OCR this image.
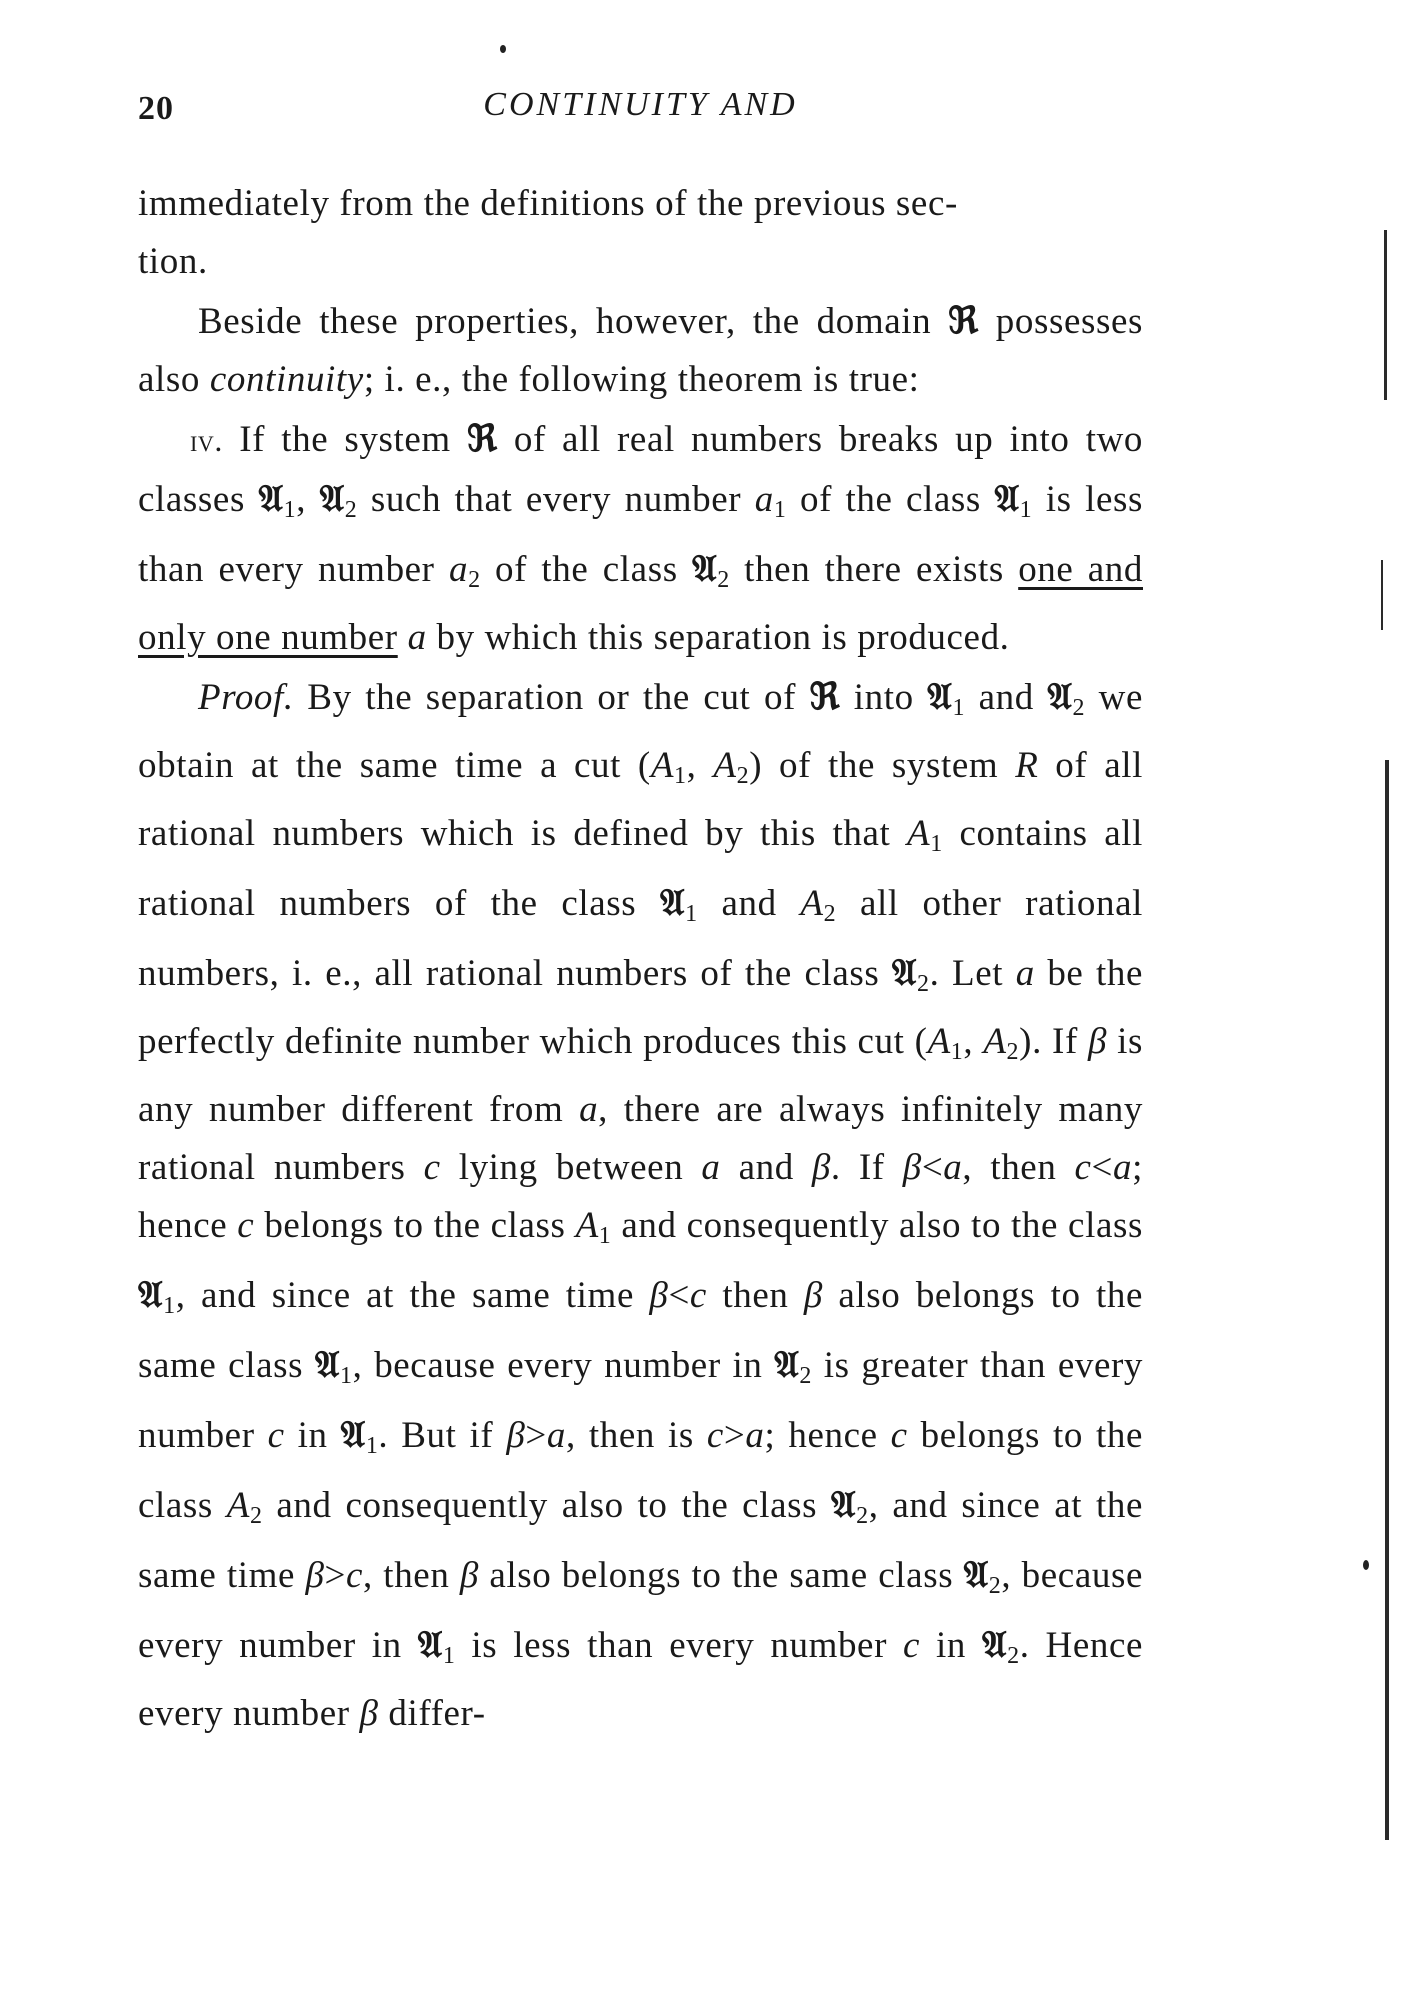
20	CONTINUITY AND

immediately from the definitions of the previous sec-
tion.

Beside these properties, however, the domain ℜ possesses also continuity; i. e., the following theorem is true:

iv. If the system ℜ of all real numbers breaks up into two classes 𝔄$_1$, 𝔄$_2$ such that every number $a_1$ of the class 𝔄$_1$ is less than every number $a_2$ of the class 𝔄$_2$ then there exists one and only one number a by which this separation is produced.

Proof. By the separation or the cut of ℜ into 𝔄$_1$ and 𝔄$_2$ we obtain at the same time a cut ($A_1$, $A_2$) of the system R of all rational numbers which is defined by this that $A_1$ contains all rational numbers of the class 𝔄$_1$ and $A_2$ all other rational numbers, i. e., all rational numbers of the class 𝔄$_2$. Let a be the perfectly definite number which produces this cut ($A_1$, $A_2$). If β is any number different from a, there are always infinitely many rational numbers c lying between a and β. If β<a, then c<a; hence c belongs to the class $A_1$ and consequently also to the class 𝔄$_1$, and since at the same time β<c then β also belongs to the same class 𝔄$_1$, because every number in 𝔄$_2$ is greater than every number c in 𝔄$_1$. But if β>a, then is c>a; hence c belongs to the class $A_2$ and consequently also to the class 𝔄$_2$, and since at the same time β>c, then β also belongs to the same class 𝔄$_2$, because every number in 𝔄$_1$ is less than every number c in 𝔄$_2$. Hence every number β differ-
